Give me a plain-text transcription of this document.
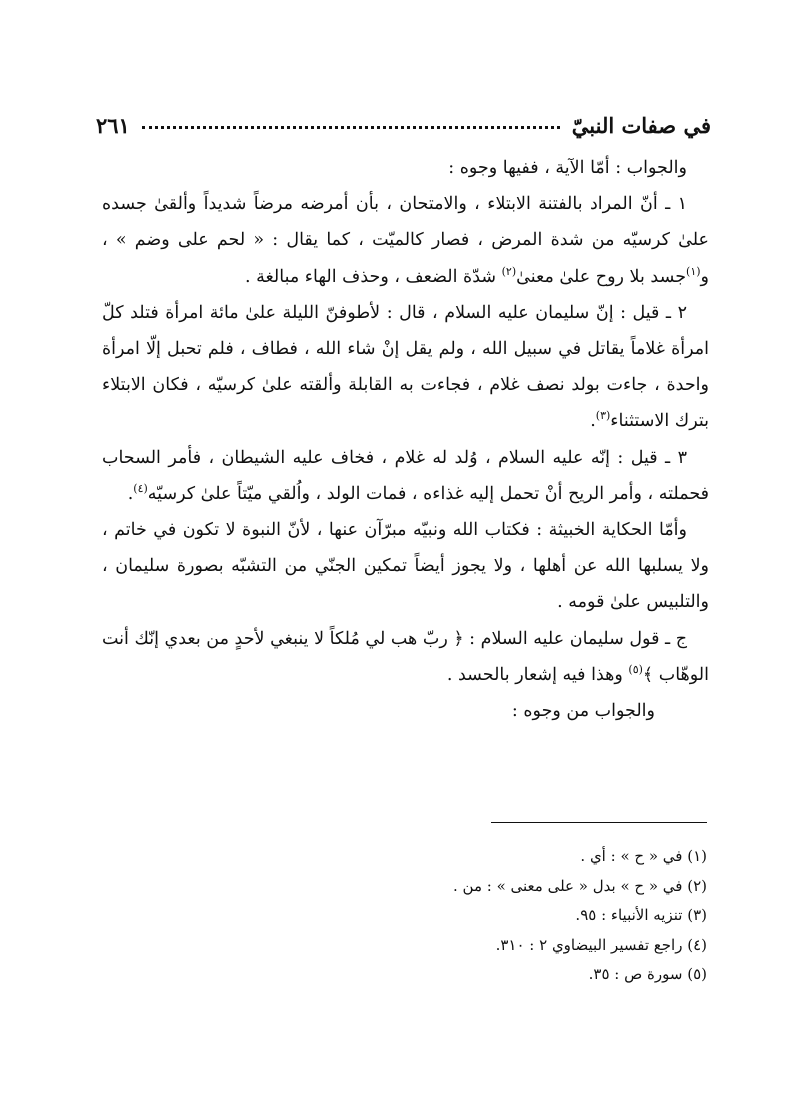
في صفات النبيّ
٢٦١

والجواب : أمّا الآية ، ففيها وجوه :

١ ـ أنّ المراد بالفتنة الابتلاء ، والامتحان ، بأن أمرضه مرضاً شديداً وألقىٰ جسده علىٰ كرسيّه من شدة المرض ، فصار كالميّت ، كما يقال : « لحم على وضم » ، و$^{(١)}$جسد بلا روح علىٰ معنىٰ$^{(٢)}$ شدّة الضعف ، وحذف الهاء مبالغة .

٢ ـ قيل : إنّ سليمان عليه السلام ، قال : لأطوفنّ الليلة علىٰ مائة امرأة فتلد كلّ امرأة غلاماً يقاتل في سبيل الله ، ولم يقل إنْ شاء الله ، فطاف ، فلم تحبل إلّا امرأة واحدة ، جاءت بولد نصف غلام ، فجاءت به القابلة وألقته علىٰ كرسيّه ، فكان الابتلاء بترك الاستثناء$^{(٣)}$.

٣ ـ قيل : إنّه عليه السلام ، وُلد له غلام ، فخاف عليه الشيطان ، فأمر السحاب فحملته ، وأمر الريح أنْ تحمل إليه غذاءه ، فمات الولد ، واُلقي ميّتاً علىٰ كرسيّه$^{(٤)}$.

وأمّا الحكاية الخبيثة : فكتاب الله ونبيّه مبرّآن عنها ، لأنّ النبوة لا تكون في خاتم ، ولا يسلبها الله عن أهلها ، ولا يجوز أيضاً تمكين الجنّي من التشبّه بصورة سليمان ، والتلبيس علىٰ قومه .

ج ـ قول سليمان عليه السلام : ﴿ ربّ هب لي مُلكاً لا ينبغي لأحدٍ من بعدي إنّك أنت الوهّاب ﴾$^{(٥)}$ وهذا فيه إشعار بالحسد .

والجواب من وجوه :

(١) في « ح » : أي .
(٢) في « ح » بدل « على معنى » : من .
(٣) تنزيه الأنبياء : ٩٥.
(٤) راجع تفسير البيضاوي ٢ : ٣١٠.
(٥) سورة ص : ٣٥.
